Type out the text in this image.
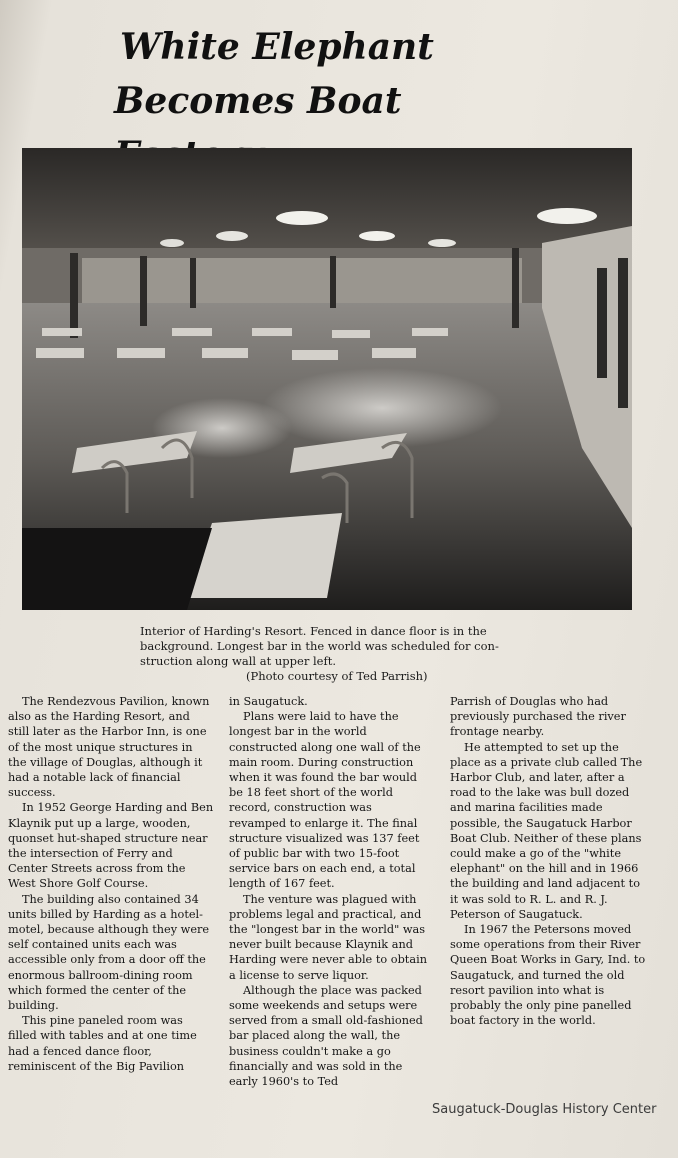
White Elephant
Becomes Boat
Interior of Harding's Resort. Fenced in dance floor is in the
background. Longest bar in the world was scheduled for con-
struction along wall at upper left.
(Photo courtesy of Ted Parrish)

The Rendezvous Pavilion, known also as the Harding Resort, and still later as the Harbor Inn, is one of the most unique structures in the village of Douglas, although it had a notable lack of financial success.

In 1952 George Harding and Ben Klaynik put up a large, wooden, quonset hut-shaped structure near the intersection of Ferry and Center Streets across from the West Shore Golf Course.

The building also contained 34 units billed by Harding as a hotel-motel, because although they were self contained units each was accessible only from a door off the enormous ballroom-dining room which formed the center of the building.

This pine paneled room was filled with tables and at one time had a fenced dance floor, reminiscent of the Big Pavilion

in Saugatuck.

Plans were laid to have the longest bar in the world constructed along one wall of the main room. During construction when it was found the bar would be 18 feet short of the world record, construction was revamped to enlarge it. The final structure visualized was 137 feet of public bar with two 15-foot service bars on each end, a total length of 167 feet.

The venture was plagued with problems legal and practical, and the "longest bar in the world" was never built because Klaynik and Harding were never able to obtain a license to serve liquor.

Although the place was packed some weekends and setups were served from a small old-fashioned bar placed along the wall, the business couldn't make a go financially and was sold in the early 1960's to Ted

Parrish of Douglas who had previously purchased the river frontage nearby.

He attempted to set up the place as a private club called The Harbor Club, and later, after a road to the lake was bull dozed and marina facilities made possible, the Saugatuck Harbor Boat Club. Neither of these plans could make a go of the "white elephant" on the hill and in 1966 the building and land adjacent to it was sold to R. L. and R. J. Peterson of Saugatuck.

In 1967 the Petersons moved some operations from their River Queen Boat Works in Gary, Ind. to Saugatuck, and turned the old resort pavilion into what is probably the only pine panelled boat factory in the world.

Saugatuck-Douglas History Center
